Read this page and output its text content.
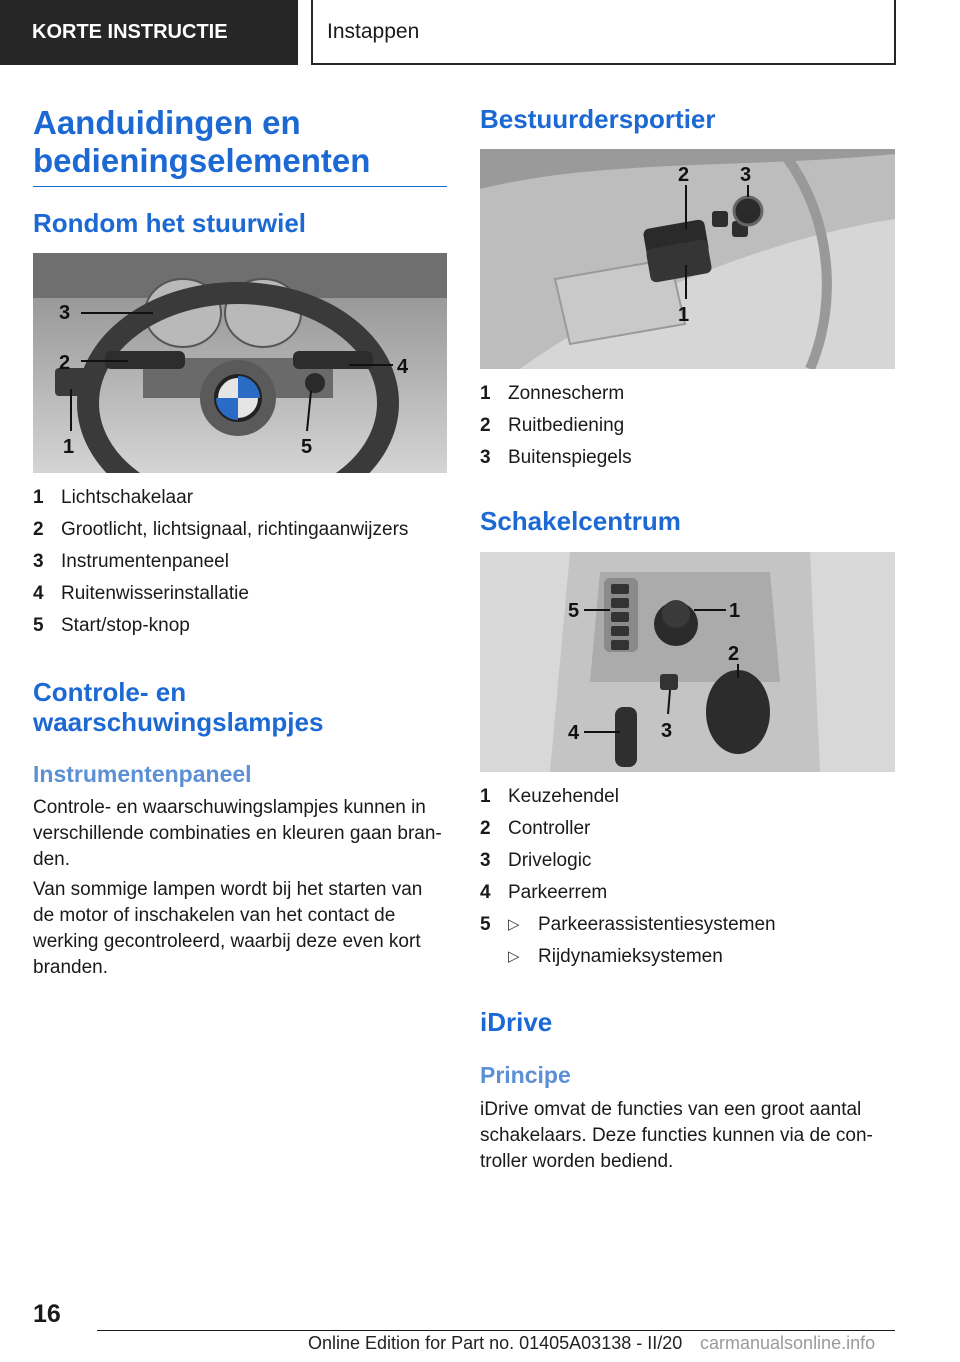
KORTE INSTRUCTIE	Instappen
Aanduidingen en bedieningselementen
Rondom het stuurwiel
3
2
1
4
5
1 Lichtschakelaar
2 Grootlicht, lichtsignaal, richtingaanwijzers
3 Instrumentenpaneel
4 Ruitenwisserinstallatie
5 Start/stop-knop
Controle- en
waarschuwingslampjes
Instrumentenpaneel

Controle- en waarschuwingslampjes kunnen in verschillende combinaties en kleuren gaan bran-den.

Van sommige lampen wordt bij het starten van de motor of inschakelen van het contact de werking gecontroleerd, waarbij deze even kort branden.

Bestuurdersportier
2	3
1
1 Zonnescherm
2 Ruitbediening
3 Buitenspiegels
Schakelcentrum
5	1
2
4	3
1 Keuzehendel
2 Controller
3 Drivelogic
4 Parkeerrem
5	▷ Parkeerassistentiesystemen
▷ Rijdynamieksystemen
iDrive
Principe

iDrive omvat de functies van een groot aantal schakelaars. Deze functies kunnen via de con-troller worden bediend.

16
Online Edition for Part no. 01405A03138 - II/20 carmanualsonline.info
